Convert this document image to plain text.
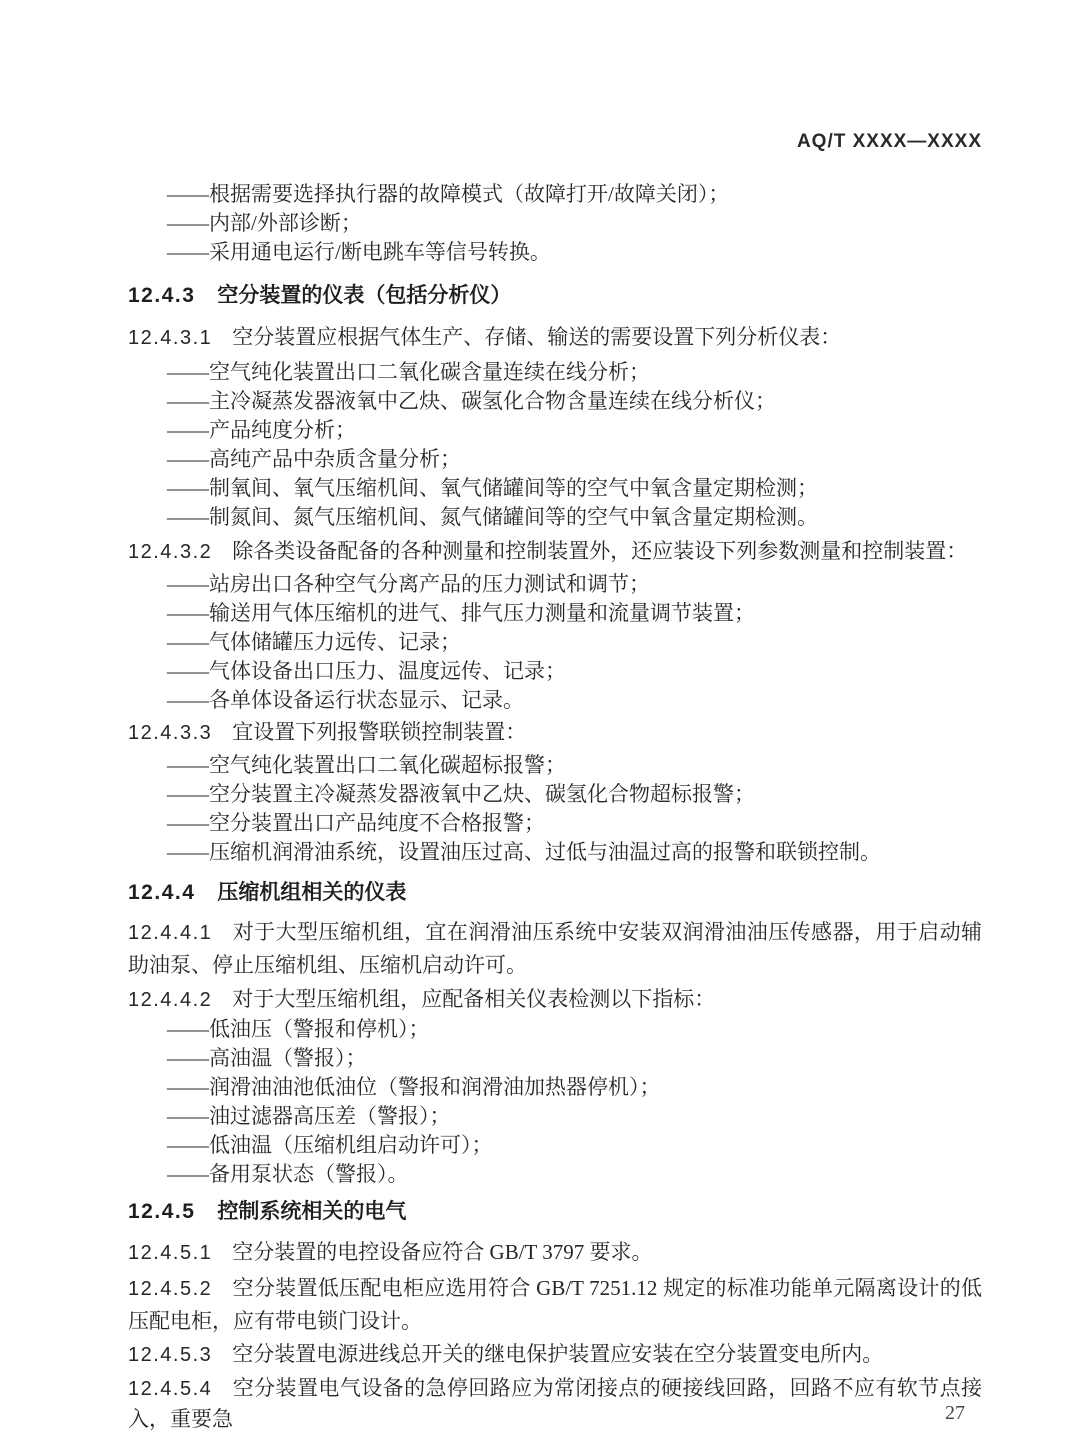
AQ/T XXXX—XXXX

——根据需要选择执行器的故障模式（故障打开/故障关闭）；

——内部/外部诊断；

——采用通电运行/断电跳车等信号转换。

12.4.3 空分装置的仪表（包括分析仪）
12.4.3.1 空分装置应根据气体生产、存储、输送的需要设置下列分析仪表：

——空气纯化装置出口二氧化碳含量连续在线分析；

——主冷凝蒸发器液氧中乙炔、碳氢化合物含量连续在线分析仪；

——产品纯度分析；

——高纯产品中杂质含量分析；

——制氧间、氧气压缩机间、氧气储罐间等的空气中氧含量定期检测；

——制氮间、氮气压缩机间、氮气储罐间等的空气中氧含量定期检测。

12.4.3.2 除各类设备配备的各种测量和控制装置外，还应装设下列参数测量和控制装置：

——站房出口各种空气分离产品的压力测试和调节；

——输送用气体压缩机的进气、排气压力测量和流量调节装置；

——气体储罐压力远传、记录；

——气体设备出口压力、温度远传、记录；

——各单体设备运行状态显示、记录。

12.4.3.3 宜设置下列报警联锁控制装置：

——空气纯化装置出口二氧化碳超标报警；

——空分装置主冷凝蒸发器液氧中乙炔、碳氢化合物超标报警；

——空分装置出口产品纯度不合格报警；

——压缩机润滑油系统，设置油压过高、过低与油温过高的报警和联锁控制。

12.4.4 压缩机组相关的仪表
12.4.4.1 对于大型压缩机组，宜在润滑油压系统中安装双润滑油油压传感器，用于启动辅助油泵、停止压缩机组、压缩机启动许可。
12.4.4.2 对于大型压缩机组，应配备相关仪表检测以下指标：

——低油压（警报和停机）；

——高油温（警报）；

——润滑油油池低油位（警报和润滑油加热器停机）；

——油过滤器高压差（警报）；

——低油温（压缩机组启动许可）；

——备用泵状态（警报）。

12.4.5 控制系统相关的电气
12.4.5.1 空分装置的电控设备应符合 GB/T 3797 要求。
12.4.5.2 空分装置低压配电柜应选用符合 GB/T 7251.12 规定的标准功能单元隔离设计的低压配电柜，应有带电锁门设计。
12.4.5.3 空分装置电源进线总开关的继电保护装置应安装在空分装置变电所内。
12.4.5.4 空分装置电气设备的急停回路应为常闭接点的硬接线回路，回路不应有软节点接入，重要急	27
